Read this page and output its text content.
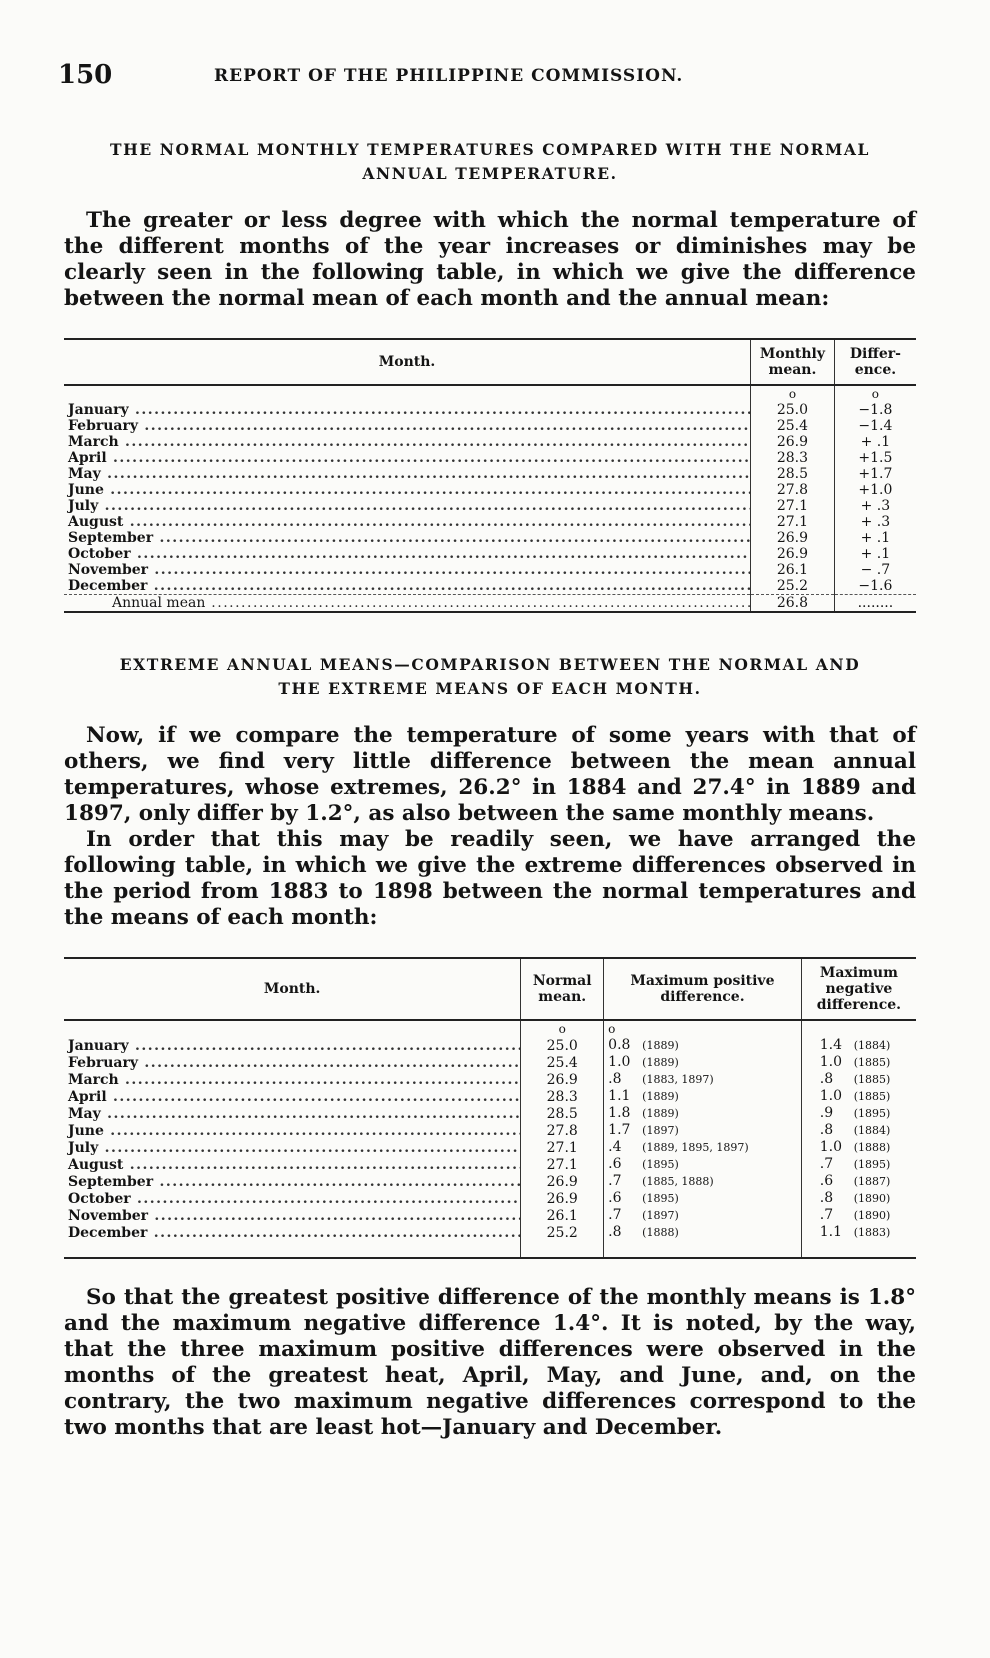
150	REPORT OF THE PHILIPPINE COMMISSION.

THE NORMAL MONTHLY TEMPERATURES COMPARED WITH THE NORMAL

ANNUAL TEMPERATURE.

The greater or less degree with which the normal temperature of the different months of the year increases or diminishes may be clearly seen in the following table, in which we give the difference between the normal mean of each month and the annual mean:

Month.	Monthly mean.	Differ-ence.
	o	o
January .....	25.0	−1.8
February .....	25.4	−1.4
March .....	26.9	+ .1
April .....	28.3	+1.5
May .....	28.5	+1.7
June .....	27.8	+1.0
July .....	27.1	+ .3
August .....	27.1	+ .3
September .....	26.9	+ .1
October .....	26.9	+ .1
November .....	26.1	− .7
December .....	25.2	−1.6
Annual mean .....	26.8	........

EXTREME ANNUAL MEANS—COMPARISON BETWEEN THE NORMAL AND

THE EXTREME MEANS OF EACH MONTH.

Now, if we compare the temperature of some years with that of others, we find very little difference between the mean annual temperatures, whose extremes, 26.2° in 1884 and 27.4° in 1889 and 1897, only differ by 1.2°, as also between the same monthly means.

In order that this may be readily seen, we have arranged the following table, in which we give the extreme differences observed in the period from 1883 to 1898 between the normal temperatures and the means of each month:

Month.	Normal mean.	Maximum positive difference.	Maximum negative difference.
	o	o	
January .....	25.0	0.8 (1889)	1.4 (1884)
February .....	25.4	1.0 (1889)	1.0 (1885)
March .....	26.9	.8 (1883, 1897)	.8 (1885)
April .....	28.3	1.1 (1889)	1.0 (1885)
May .....	28.5	1.8 (1889)	.9 (1895)
June .....	27.8	1.7 (1897)	.8 (1884)
July .....	27.1	.4 (1889, 1895, 1897)	1.0 (1888)
August .....	27.1	.6 (1895)	.7 (1895)
September .....	26.9	.7 (1885, 1888)	.6 (1887)
October .....	26.9	.6 (1895)	.8 (1890)
November .....	26.1	.7 (1897)	.7 (1890)
December .....	25.2	.8 (1888)	1.1 (1883)

So that the greatest positive difference of the monthly means is 1.8° and the maximum negative difference 1.4°. It is noted, by the way, that the three maximum positive differences were observed in the months of the greatest heat, April, May, and June, and, on the contrary, the two maximum negative differences correspond to the two months that are least hot—January and December.
